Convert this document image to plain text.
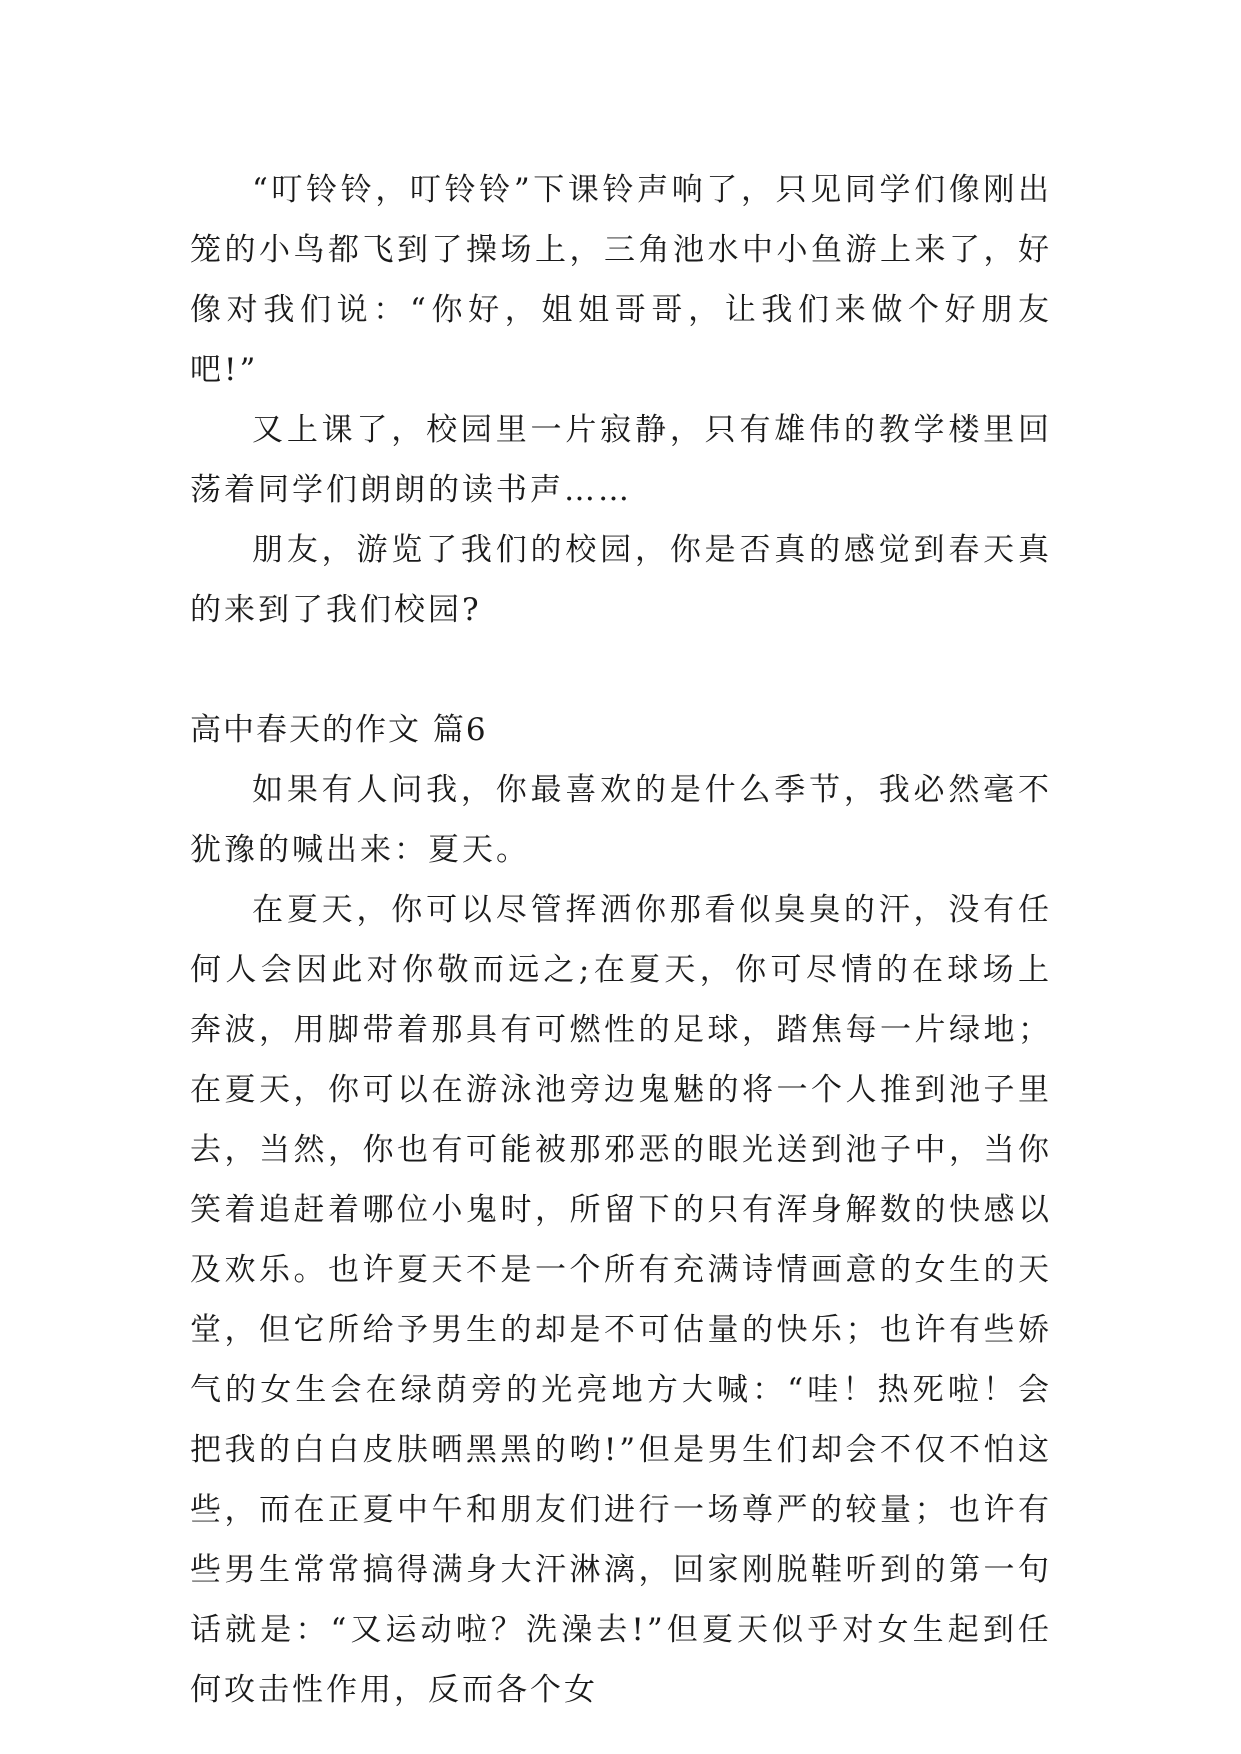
“叮铃铃，叮铃铃”下课铃声响了，只见同学们像刚出笼的小鸟都飞到了操场上，三角池水中小鱼游上来了，好像对我们说：“你好，姐姐哥哥，让我们来做个好朋友吧!”

又上课了，校园里一片寂静，只有雄伟的教学楼里回荡着同学们朗朗的读书声……

朋友，游览了我们的校园，你是否真的感觉到春天真的来到了我们校园?

高中春天的作文 篇6

如果有人问我，你最喜欢的是什么季节，我必然毫不犹豫的喊出来：夏天。

在夏天，你可以尽管挥洒你那看似臭臭的汗，没有任何人会因此对你敬而远之;在夏天，你可尽情的在球场上奔波，用脚带着那具有可燃性的足球，踏焦每一片绿地；在夏天，你可以在游泳池旁边鬼魅的将一个人推到池子里去，当然，你也有可能被那邪恶的眼光送到池子中，当你笑着追赶着哪位小鬼时，所留下的只有浑身解数的快感以及欢乐。也许夏天不是一个所有充满诗情画意的女生的天堂，但它所给予男生的却是不可估量的快乐；也许有些娇气的女生会在绿荫旁的光亮地方大喊：“哇！热死啦！会把我的白白皮肤晒黑黑的哟!”但是男生们却会不仅不怕这些，而在正夏中午和朋友们进行一场尊严的较量；也许有些男生常常搞得满身大汗淋漓，回家刚脱鞋听到的第一句话就是：“又运动啦？洗澡去!”但夏天似乎对女生起到任何攻击性作用，反而各个女
